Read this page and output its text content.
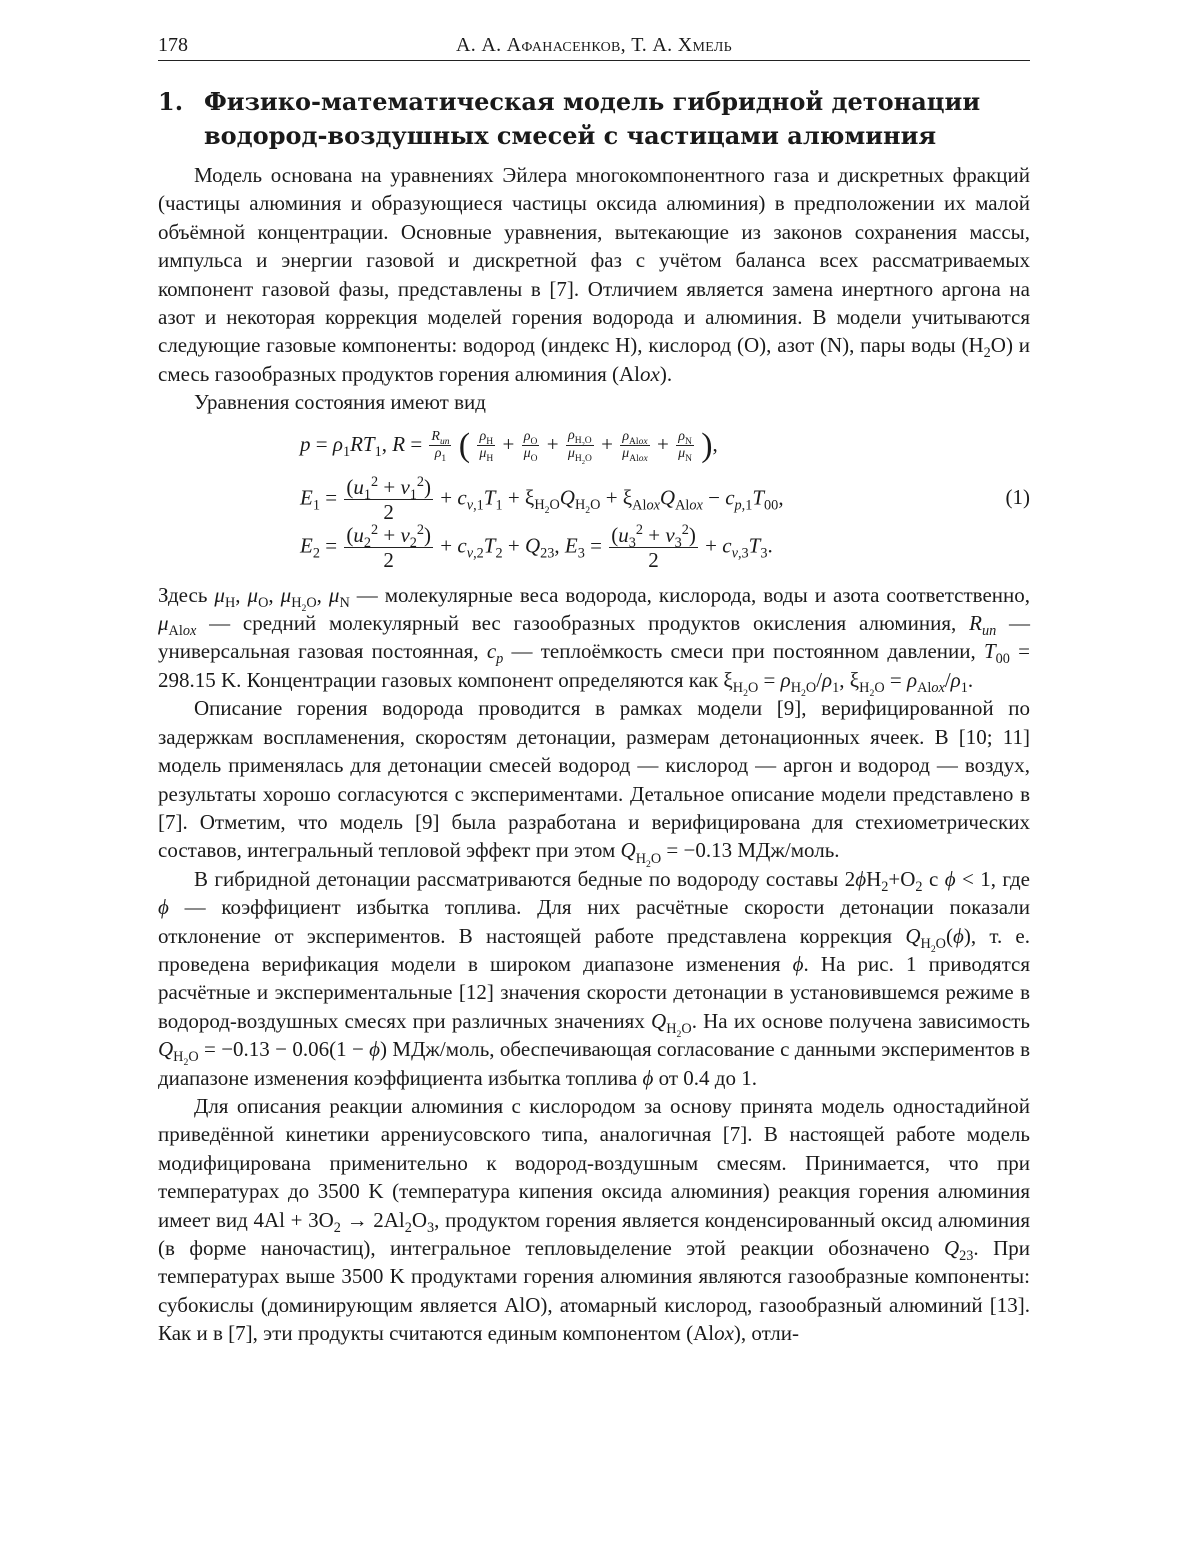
178	А. А. Афанасенков, Т. А. Хмель
1. Физико-математическая модель гибридной детонации водород-воздушных смесей с частицами алюминия

Модель основана на уравнениях Эйлера многокомпонентного газа и дискретных фракций (частицы алюминия и образующиеся частицы оксида алюминия) в предположении их малой объёмной концентрации. Основные уравнения, вытекающие из законов сохранения массы, импульса и энергии газовой и дискретной фаз с учётом баланса всех рассматриваемых компонент газовой фазы, представлены в [7]. Отличием является замена инертного аргона на азот и некоторая коррекция моделей горения водорода и алюминия. В модели учитываются следующие газовые компоненты: водород (индекс H), кислород (O), азот (N), пары воды $(H_2O)$ и смесь газообразных продуктов горения алюминия (Alox).

Уравнения состояния имеют вид

$p = \rho_1RT_1$, $R = \frac{R_{un}}{\rho_1}$ ( $\frac{\rho_H}{\mu_H} + \frac{\rho_O}{\mu_O} + \frac{\rho_{H_2O}}{\mu_{H_2O}} + \frac{\rho_{Alox}}{\mu_{Alox}} + \frac{\rho_N}{\mu_N}$ ),
$E_1 = \frac{(u_1^2 + v_1^2)}{2} + c_{v,1}T_1 + \xi_{H_2O}Q_{H_2O} + \xi_{Alox}Q_{Alox} - c_{p,1}T_{00}$,
$E_2 = \frac{(u_2^2 + v_2^2)}{2} + c_{v,2}T_2 + Q_{23}$, $E_3 = \frac{(u_3^2 + v_3^2)}{2} + c_{v,3}T_3$.
(1)

Здесь $\mu_H$, $\mu_O$, $\mu_{H_2O}$, $\mu_N$ — молекулярные веса водорода, кислорода, воды и азота соответственно, $\mu_{Alox}$ — средний молекулярный вес газообразных продуктов окисления алюминия, $R_{un}$ — универсальная газовая постоянная, $c_p$ — теплоёмкость смеси при постоянном давлении, $T_{00} = 298.15$ K. Концентрации газовых компонент определяются как $\xi_{H_2O} = \rho_{H_2O}/\rho_1$, $\xi_{H_2O} = \rho_{Alox}/\rho_1$.

Описание горения водорода проводится в рамках модели [9], верифицированной по задержкам воспламенения, скоростям детонации, размерам детонационных ячеек. В [10; 11] модель применялась для детонации смесей водород — кислород — аргон и водород — воздух, результаты хорошо согласуются с экспериментами. Детальное описание модели представлено в [7]. Отметим, что модель [9] была разработана и верифицирована для стехиометрических составов, интегральный тепловой эффект при этом $Q_{H_2O} = -0.13$ МДж/моль.

В гибридной детонации рассматриваются бедные по водороду составы $2\phi H_2+O_2$ с ϕ < 1, где ϕ — коэффициент избытка топлива. Для них расчётные скорости детонации показали отклонение от экспериментов. В настоящей работе представлена коррекция $Q_{H_2O}(\phi)$, т. е. проведена верификация модели в широком диапазоне изменения ϕ. На рис. 1 приводятся расчётные и экспериментальные [12] значения скорости детонации в установившемся режиме в водород-воздушных смесях при различных значениях $Q_{H_2O}$. На их основе получена зависимость $Q_{H_2O} = -0.13 - 0.06(1 - \phi)$ МДж/моль, обеспечивающая согласование с данными экспериментов в диапазоне изменения коэффициента избытка топлива ϕ от 0.4 до 1.

Для описания реакции алюминия с кислородом за основу принята модель одностадийной приведённой кинетики аррениусовского типа, аналогичная [7]. В настоящей работе модель модифицирована применительно к водород-воздушным смесям. Принимается, что при температурах до 3500 K (температура кипения оксида алюминия) реакция горения алюминия имеет вид $4Al + 3O_2 \to 2Al_2O_3$, продуктом горения является конденсированный оксид алюминия (в форме наночастиц), интегральное тепловыделение этой реакции обозначено $Q_{23}$. При температурах выше 3500 K продуктами горения алюминия являются газообразные компоненты: субокислы (доминирующим является AlO), атомарный кислород, газообразный алюминий [13]. Как и в [7], эти продукты считаются единым компонентом (Alox), отли-
